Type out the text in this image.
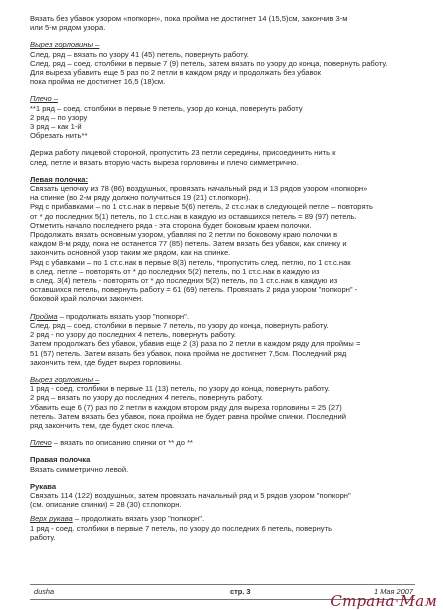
Вязать без убавок узором «попкорн», пока пройма не достигнет 14 (15,5)см, закончив 3-м
или 5-м рядом узора.
Вырез горловины –
След. ряд – вязать по узору 41 (45) петель, повернуть работу.
След. ряд – соед. столбики в первые 7 (9) петель, затем вязать по узору до конца, повернуть работу.
Для выреза убавить еще 5 раз по 2 петли в каждом ряду и продолжать без убавок
пока пройма не достигнет 16,5 (18)см.
Плечо –
**1 ряд – соед. столбики в первые 9 петель, узор до конца, повернуть работу
2 ряд – по узору
3 ряд – как 1-й
Обрезать нить**
Держа работу лицевой стороной, пропустить 23 петли середины, присоединить нить к
след. петле и вязать вторую часть выреза горловины и плечо симметрично.
Левая полочка:
Связать цепочку из 78 (86) воздушных, провязать начальный ряд и 13 рядов узором «попкорн»
на спинке (во 2-м ряду должно получиться 19 (21) ст.попкорн).
Ряд с прибавками – по 1 ст.с.нак в первые 5(6) петель, 2 ст.с.нак в следующей петле – повторять
от * до последних 5(1) петель, по 1 ст.с.нак в каждую из оставшихся петель = 89 (97) петель.
Отметить начало последнего ряда - эта сторона будет боковым краем полочки.
Продолжать вязать основным узором, убавляя по 2 петли по боковому краю полочки в
каждом 8-м ряду, пока не останется 77 (85) петель. Затем вязать без убавок, как спинку и
закончить основной узор таким же рядом, как на спинке.
Ряд с убавками – по 1 ст.с.нак в первые 8(3) петель, *пропустить след. петлю, по 1 ст.с.нак
в след. петле – повторять от * до последних 5(2) петель, по 1 ст.с.нак в каждую из
в след. 3(4) петель - повторять от * до последних 5(2) петель, по 1 ст.с.нак в каждую из
оставшихся петель, повернуть работу = 61 (69) петель. Провязать 2 ряда узором "попкорн" -
боковой край полочки закончен.
Пройма – продолжать вязать узор "попкорн".
След. ряд – соед. столбики в первые 7 петель, по узору до конца, повернуть работу.
2 ряд - по узору до последних 4 петель, повернуть работу.
Затем продолжать без убавок, убавив еще 2 (3) раза по 2 петли в каждом ряду для проймы =
51 (57) петель. Затем вязать без убавок, пока пройма не достигнет 7,5см. Последний ряд
закончить тем, где будет вырез горловины.
Вырез горловины –
1 ряд - соед. столбики в первые 11 (13) петель, по узору до конца, повернуть работу.
2 ряд – вязать по узору до последних 4 петель, повернуть работу.
Убавить еще 6 (7) раз по 2 петли в каждом втором ряду для выреза горловины = 25 (27)
петель. Затем вязать без убавок, пока пройма не будет равна пройме спинки. Последний
ряд закончить тем, где будет скос плеча.
Плечо – вязать по описанию спинки от ** до **
Правая полочка
Вязать симметрично левой.
Рукава
Связать 114 (122) воздушных, затем провязать начальный ряд и 5 рядов узором "попкорн"
(см. описание спинки) = 28 (30) ст.попкорн.
Верх рукава – продолжать вязать узор "попкорн".
1 ряд - соед. столбики в первые 7 петель, по узору до последних 6 петель, повернуть
работу.
dusha	стр. 3	1 Мая 2007
Страна·Мам
